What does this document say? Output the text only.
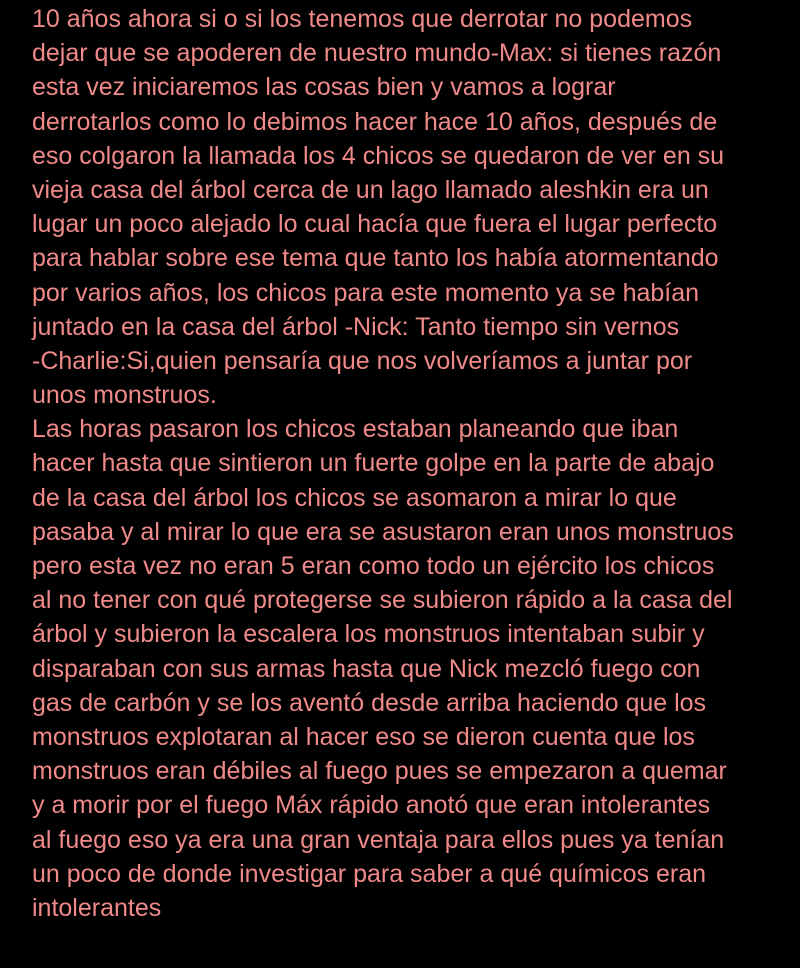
10 años ahora si o si los tenemos que derrotar no podemos
dejar que se apoderen de nuestro mundo-Max: si tienes razón
esta vez iniciaremos las cosas bien y vamos a lograr
derrotarlos como lo debimos hacer hace 10 años, después de
eso colgaron la llamada los 4 chicos se quedaron de ver en su
vieja casa del árbol cerca de un lago llamado aleshkin era un
lugar un poco alejado lo cual hacía que fuera el lugar perfecto
para hablar sobre ese tema que tanto los había atormentando
por varios años, los chicos para este momento ya se habían
juntado en la casa del árbol -Nick: Tanto tiempo sin vernos
-Charlie:Si,quien pensaría que nos volveríamos a juntar por
unos monstruos.
Las horas pasaron los chicos estaban planeando que iban
hacer hasta que sintieron un fuerte golpe en la parte de abajo
de la casa del árbol los chicos se asomaron a mirar lo que
pasaba y al mirar lo que era se asustaron eran unos monstruos
pero esta vez no eran 5 eran como todo un ejército los chicos
al no tener con qué protegerse se subieron rápido a la casa del
árbol y subieron la escalera los monstruos intentaban subir y
disparaban con sus armas hasta que Nick mezcló fuego con
gas de carbón y se los aventó desde arriba haciendo que los
monstruos explotaran al hacer eso se dieron cuenta que los
monstruos eran débiles al fuego pues se empezaron a quemar
y a morir por el fuego Máx rápido anotó que eran intolerantes
al fuego eso ya era una gran ventaja para ellos pues ya tenían
un poco de donde investigar para saber a qué químicos eran
intolerantes
